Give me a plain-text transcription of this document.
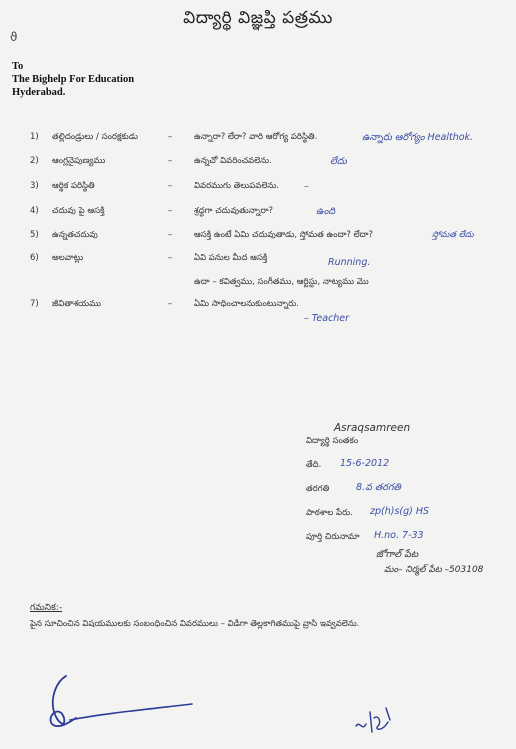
విద్యార్థి విజ్ఞప్తి పత్రము
ϑ
To
The Bighelp For Education
Hyderabad.
1) తల్లిదండ్రులు / సంరక్షకుడు	–	ఉన్నారా? లేరా? వారి ఆరోగ్య పరిస్థితి.	ఉన్నారు ఆరోగ్యం Healthok.
2) ఆంగ్లనైపుణ్యము	–	ఉన్నచో వివరించవలెను.	లేదు
3) ఆర్థిక పరిస్థితి	–	వివరముగు తెలుపవలెను.	–
4) చదువు పై ఆసక్తి	–	శ్రద్ధగా చదువుతున్నారా?	ఉంది
5) ఉన్నతచదువు	–	ఆసక్తి ఉంటే ఏమి చదువుతాడు, స్తోమత ఉందా? లేదా?	స్తోమత లేదు
6) అలవాట్లు	–	ఏవి పనుల మీద ఆసక్తి	Running.
ఉదా – కవిత్వము, సంగీతము, ఆర్టిస్టు, నాట్యము మొ
7) జీవితాశయము	–	ఏమి సాధించాలనుకుంటున్నారు.
– Teacher
Asraqsamreen
విద్యార్థి సంతకం
తేది. 15-6-2012
తరగతి	8.వ తరగతి
పాఠశాల పేరు. zp(h)s(g) HS
పూర్తి చిరునామా H.no. 7-33
జోగాల్ పేట
మం– నిర్మల్ పేట –503108
గమనిక:-
పైన సూచించిన విషయములకు సంబంధించిన వివరములు – విడిగా తెల్లకాగితముపై వ్రాసి ఇవ్వవలెను.
